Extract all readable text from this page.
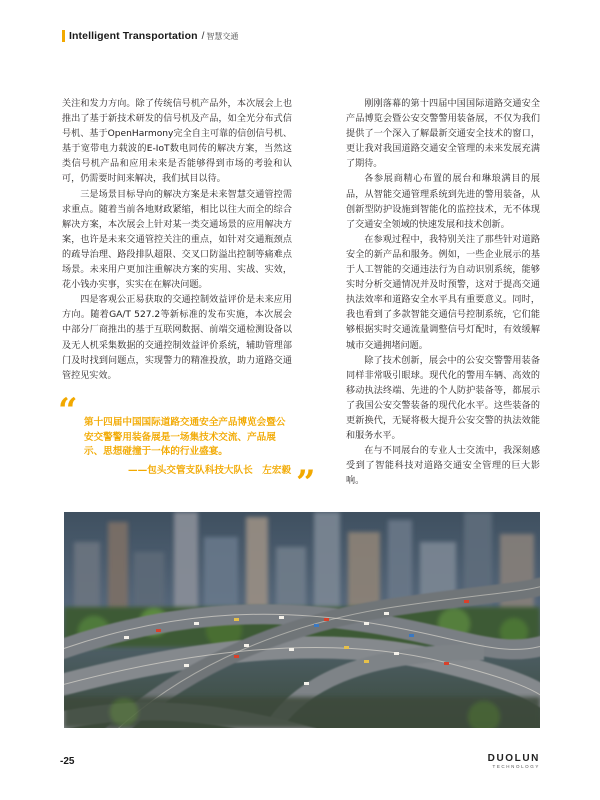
Intelligent Transportation / 智慧交通

关注和发力方向。除了传统信号机产品外，本次展会上也推出了基于新技术研发的信号机及产品，如全光分布式信号机、基于OpenHarmony完全自主可靠的信创信号机、基于宽带电力载波的E-IoT数电同传的解决方案，当然这类信号机产品和应用未来是否能够得到市场的考验和认可，仍需要时间来解决，我们拭目以待。

三是场景目标导向的解决方案是未来智慧交通管控需求重点。随着当前各地财政紧缩，相比以往大而全的综合解决方案，本次展会上针对某一类交通场景的应用解决方案，也许是未来交通管控关注的重点，如针对交通瓶颈点的疏导治理、路段排队超限、交叉口防溢出控制等痛难点场景。未来用户更加注重解决方案的实用、实战、实效，花小钱办实事，实实在在解决问题。

四是客观公正易获取的交通控制效益评价是未来应用方向。随着GA/T 527.2等新标准的发布实施，本次展会中部分厂商推出的基于互联网数据、前端交通检测设备以及无人机采集数据的交通控制效益评价系统，辅助管理部门及时找到问题点，实现警力的精准投放，助力道路交通管控见实效。

“ 第十四届中国国际道路交通安全产品博览会暨公安交警警用装备展是一场集技术交流、产品展示、思想碰撞于一体的行业盛宴。
——包头交管支队科技大队长　左宏毅 ”

刚刚落幕的第十四届中国国际道路交通安全产品博览会暨公安交警警用装备展，不仅为我们提供了一个深入了解最新交通安全技术的窗口，更让我对我国道路交通安全管理的未来发展充满了期待。

各参展商精心布置的展台和琳琅满目的展品，从智能交通管理系统到先进的警用装备，从创新型防护设施到智能化的监控技术，无不体现了交通安全领域的快速发展和技术创新。

在参观过程中，我特别关注了那些针对道路安全的新产品和服务。例如，一些企业展示的基于人工智能的交通违法行为自动识别系统，能够实时分析交通情况并及时预警，这对于提高交通执法效率和道路安全水平具有重要意义。同时，我也看到了多款智能交通信号控制系统，它们能够根据实时交通流量调整信号灯配时，有效缓解城市交通拥堵问题。

除了技术创新，展会中的公安交警警用装备同样非常吸引眼球。现代化的警用车辆、高效的移动执法终端、先进的个人防护装备等，都展示了我国公安交警装备的现代化水平。这些装备的更新换代，无疑将极大提升公安交警的执法效能和服务水平。

在与不同展台的专业人士交流中，我深刻感受到了智能科技对道路交通安全管理的巨大影响。

-25	DUOLUN
TECHNOLOGY
